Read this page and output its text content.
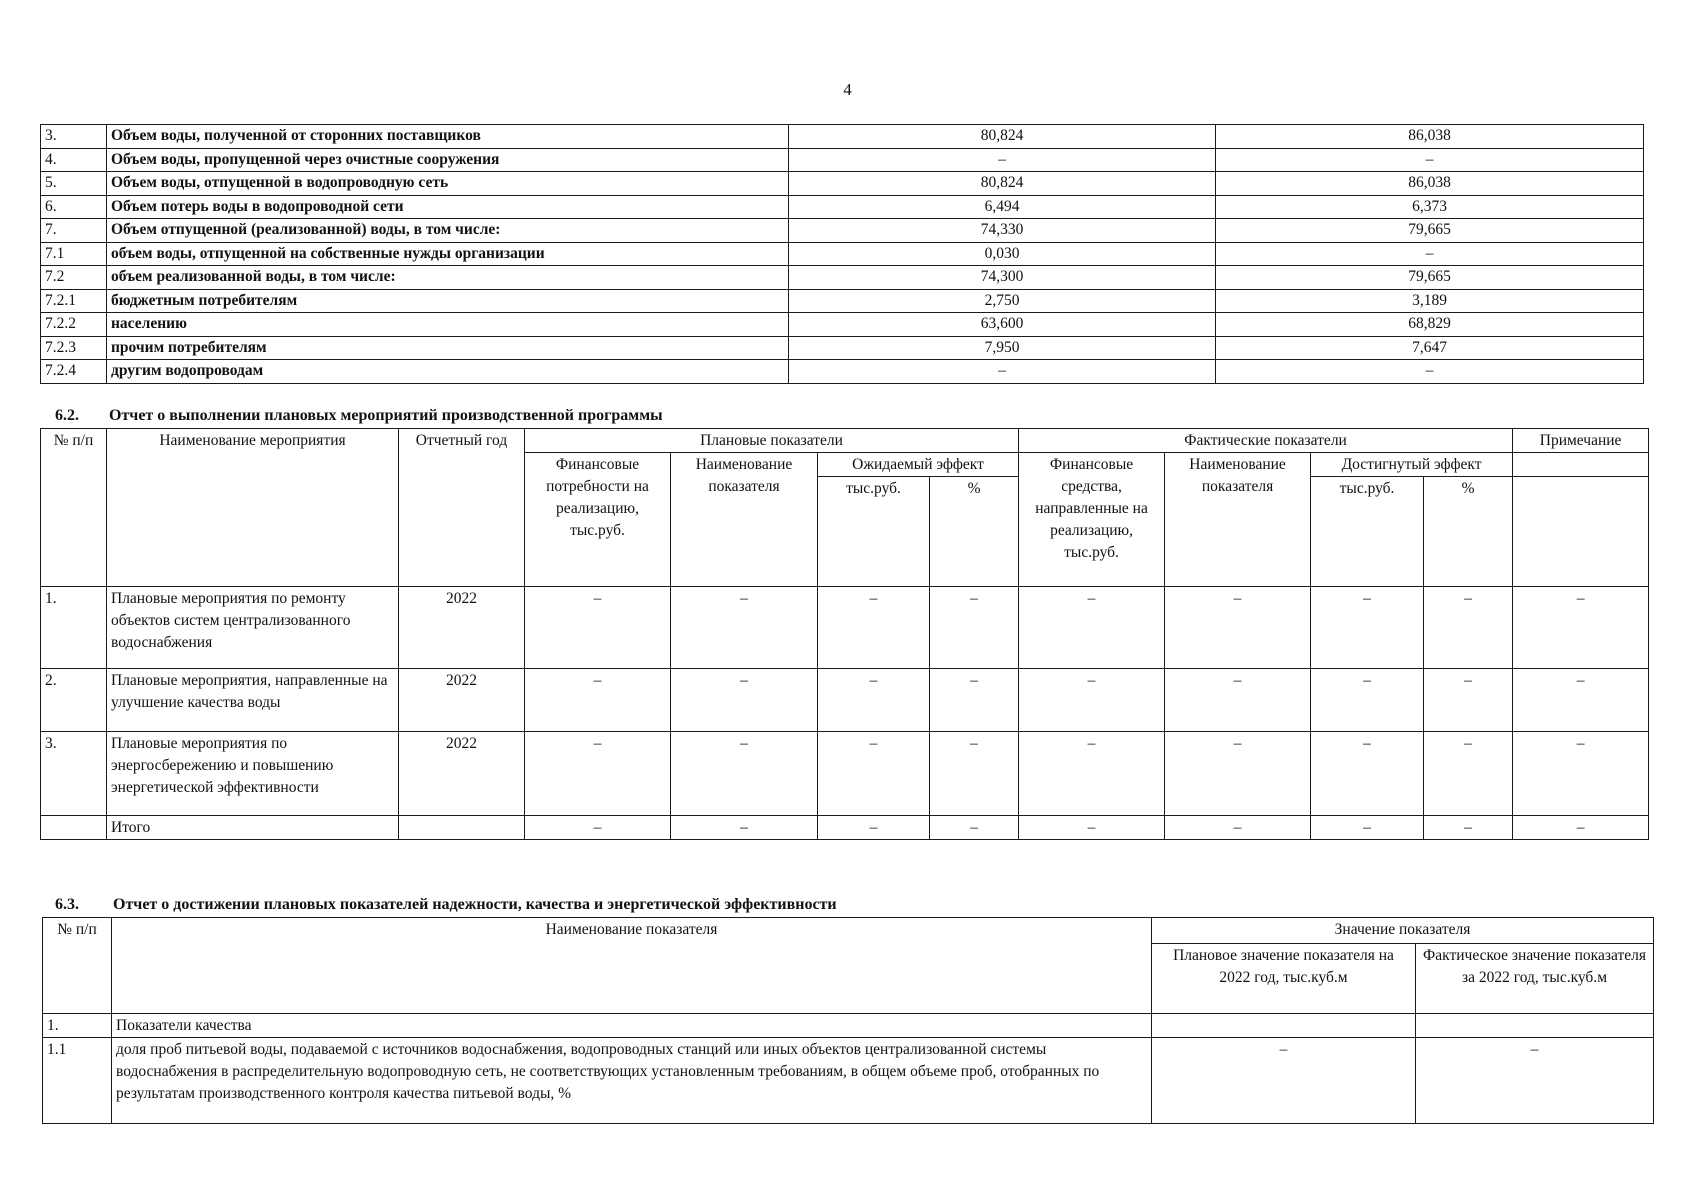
4
3.	Объем воды, полученной от сторонних поставщиков	80,824	86,038
4.	Объем воды, пропущенной через очистные сооружения	–	–
5.	Объем воды, отпущенной в водопроводную сеть	80,824	86,038
6.	Объем потерь воды в водопроводной сети	6,494	6,373
7.	Объем отпущенной (реализованной) воды, в том числе:	74,330	79,665
7.1	объем воды, отпущенной на собственные нужды организации	0,030	–
7.2	объем реализованной воды, в том числе:	74,300	79,665
7.2.1	бюджетным потребителям	2,750	3,189
7.2.2	населению	63,600	68,829
7.2.3	прочим потребителям	7,950	7,647
7.2.4	другим водопроводам	–	–
6.2. Отчет о выполнении плановых мероприятий производственной программы
№ п/п	Наименование мероприятия	Отчетный год	Плановые показатели				Фактические показатели				Примечание
			Финансовые потребности на реализацию, тыс.руб.	Наименование показателя	Ожидаемый эффект		Финансовые средства, направленные на реализацию, тыс.руб.	Наименование показателя	Достигнутый эффект		
					тыс.руб.	%			тыс.руб.	%	
1.	Плановые мероприятия по ремонту объектов систем централизованного водоснабжения	2022	–	–	–	–	–	–	–	–	–
2.	Плановые мероприятия, направленные на улучшение качества воды	2022	–	–	–	–	–	–	–	–	–
3.	Плановые мероприятия по энергосбережению и повышению энергетической эффективности	2022	–	–	–	–	–	–	–	–	–
	Итого		–	–	–	–	–	–	–	–	–
6.3. Отчет о достижении плановых показателей надежности, качества и энергетической эффективности
№ п/п	Наименование показателя	Значение показателя	
		Плановое значение показателя на 2022 год, тыс.куб.м	Фактическое значение показателя за 2022 год, тыс.куб.м
1.	Показатели качества		
1.1	доля проб питьевой воды, подаваемой с источников водоснабжения, водопроводных станций или иных объектов централизованной системы водоснабжения в распределительную водопроводную сеть, не соответствующих установленным требованиям, в общем объеме проб, отобранных по результатам производственного контроля качества питьевой воды, %	–	–
